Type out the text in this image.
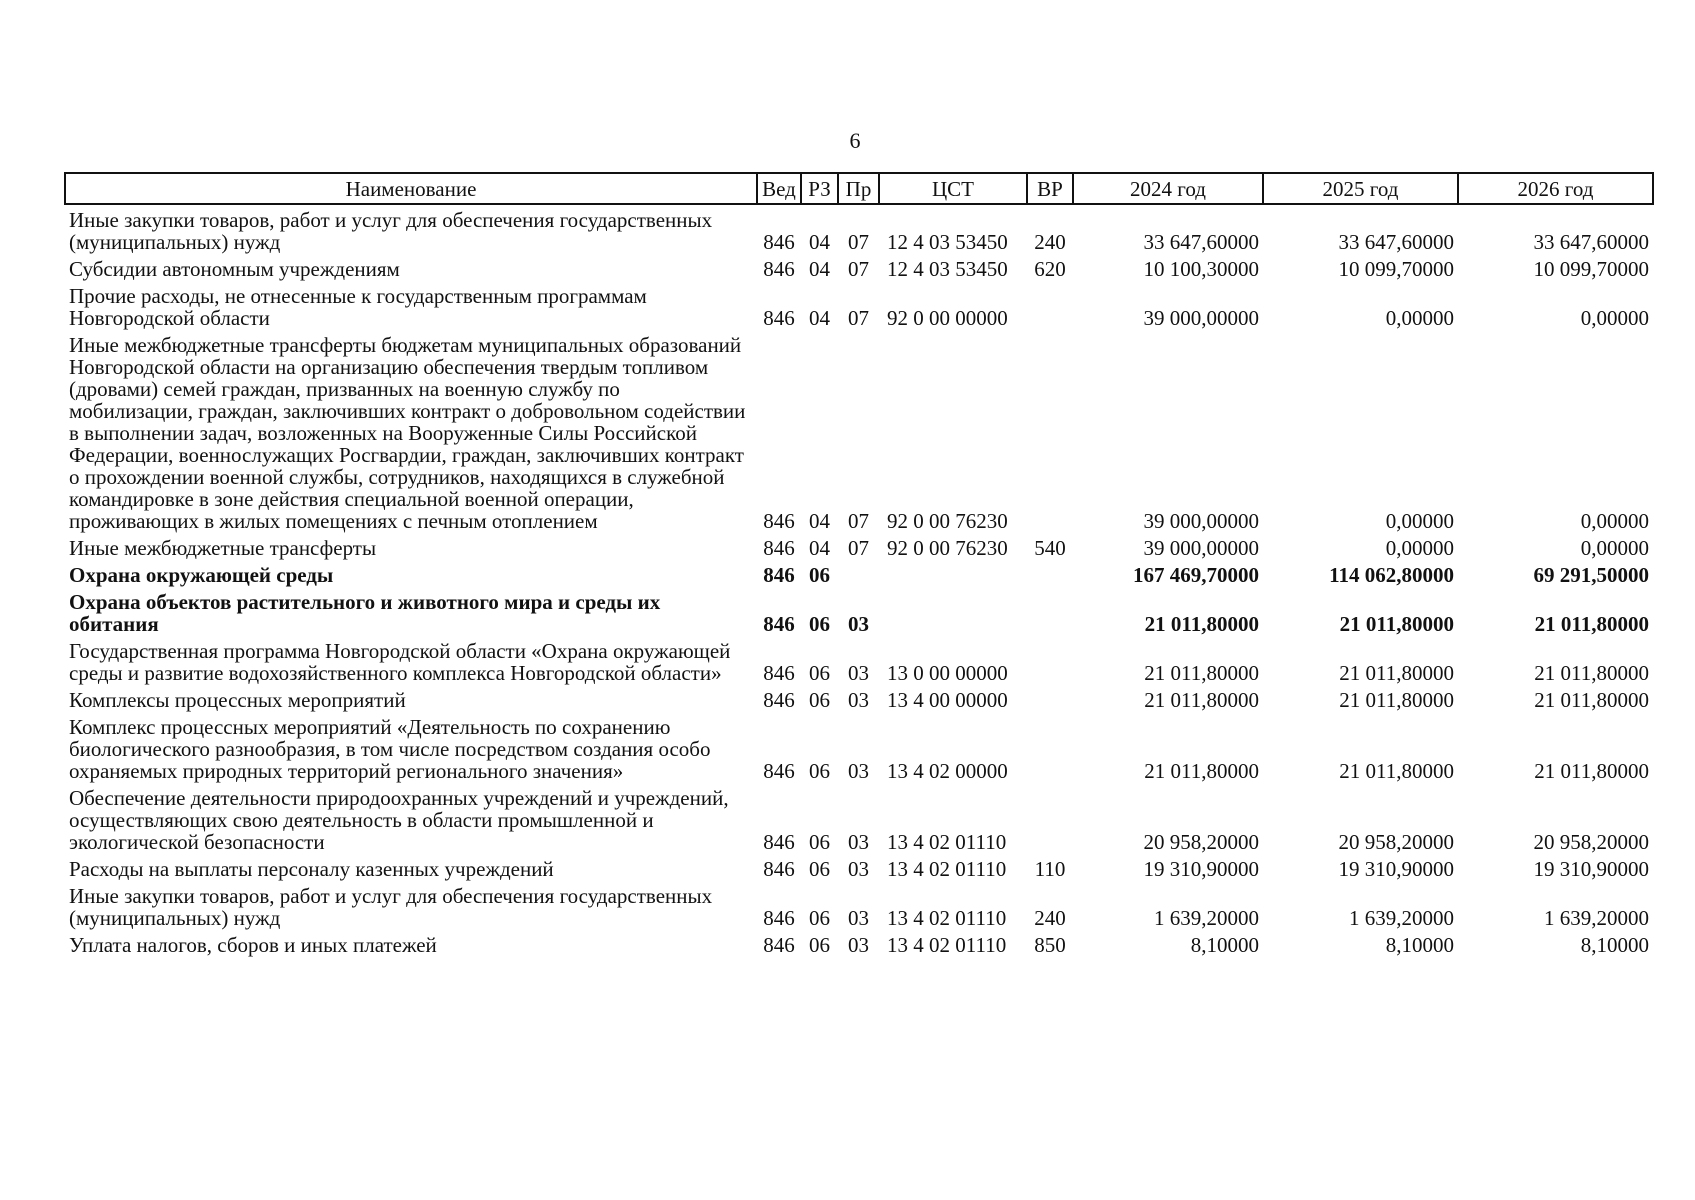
6
Наименование	Вед	РЗ	Пр	ЦСТ	ВР	2024 год	2025 год	2026 год
Иные закупки товаров, работ и услуг для обеспечения государственных (муниципальных) нужд	846	04	07	12 4 03 53450	240	33 647,60000	33 647,60000	33 647,60000
Субсидии автономным учреждениям	846	04	07	12 4 03 53450	620	10 100,30000	10 099,70000	10 099,70000
Прочие расходы, не отнесенные к государственным программам Новгородской области	846	04	07	92 0 00 00000		39 000,00000	0,00000	0,00000
Иные межбюджетные трансферты бюджетам муниципальных образований Новгородской области на организацию обеспечения твердым топливом (дровами) семей граждан, призванных на военную службу по мобилизации, граждан, заключивших контракт о добровольном содействии в выполнении задач, возложенных на Вооруженные Силы Российской Федерации, военнослужащих Росгвардии, граждан, заключивших контракт о прохождении военной службы, сотрудников, находящихся в служебной командировке в зоне действия специальной военной операции, проживающих в жилых помещениях с печным отоплением	846	04	07	92 0 00 76230		39 000,00000	0,00000	0,00000
Иные межбюджетные трансферты	846	04	07	92 0 00 76230	540	39 000,00000	0,00000	0,00000
Охрана окружающей среды	846	06				167 469,70000	114 062,80000	69 291,50000
Охрана объектов растительного и животного мира и среды их обитания	846	06	03			21 011,80000	21 011,80000	21 011,80000
Государственная программа Новгородской области «Охрана окружающей среды и развитие водохозяйственного комплекса Новгородской области»	846	06	03	13 0 00 00000		21 011,80000	21 011,80000	21 011,80000
Комплексы процессных мероприятий	846	06	03	13 4 00 00000		21 011,80000	21 011,80000	21 011,80000
Комплекс процессных мероприятий «Деятельность по сохранению биологического разнообразия, в том числе посредством создания особо охраняемых природных территорий регионального значения»	846	06	03	13 4 02 00000		21 011,80000	21 011,80000	21 011,80000
Обеспечение деятельности природоохранных учреждений и учреждений, осуществляющих свою деятельность в области промышленной и экологической безопасности	846	06	03	13 4 02 01110		20 958,20000	20 958,20000	20 958,20000
Расходы на выплаты персоналу казенных учреждений	846	06	03	13 4 02 01110	110	19 310,90000	19 310,90000	19 310,90000
Иные закупки товаров, работ и услуг для обеспечения государственных (муниципальных) нужд	846	06	03	13 4 02 01110	240	1 639,20000	1 639,20000	1 639,20000
Уплата налогов, сборов и иных платежей	846	06	03	13 4 02 01110	850	8,10000	8,10000	8,10000
